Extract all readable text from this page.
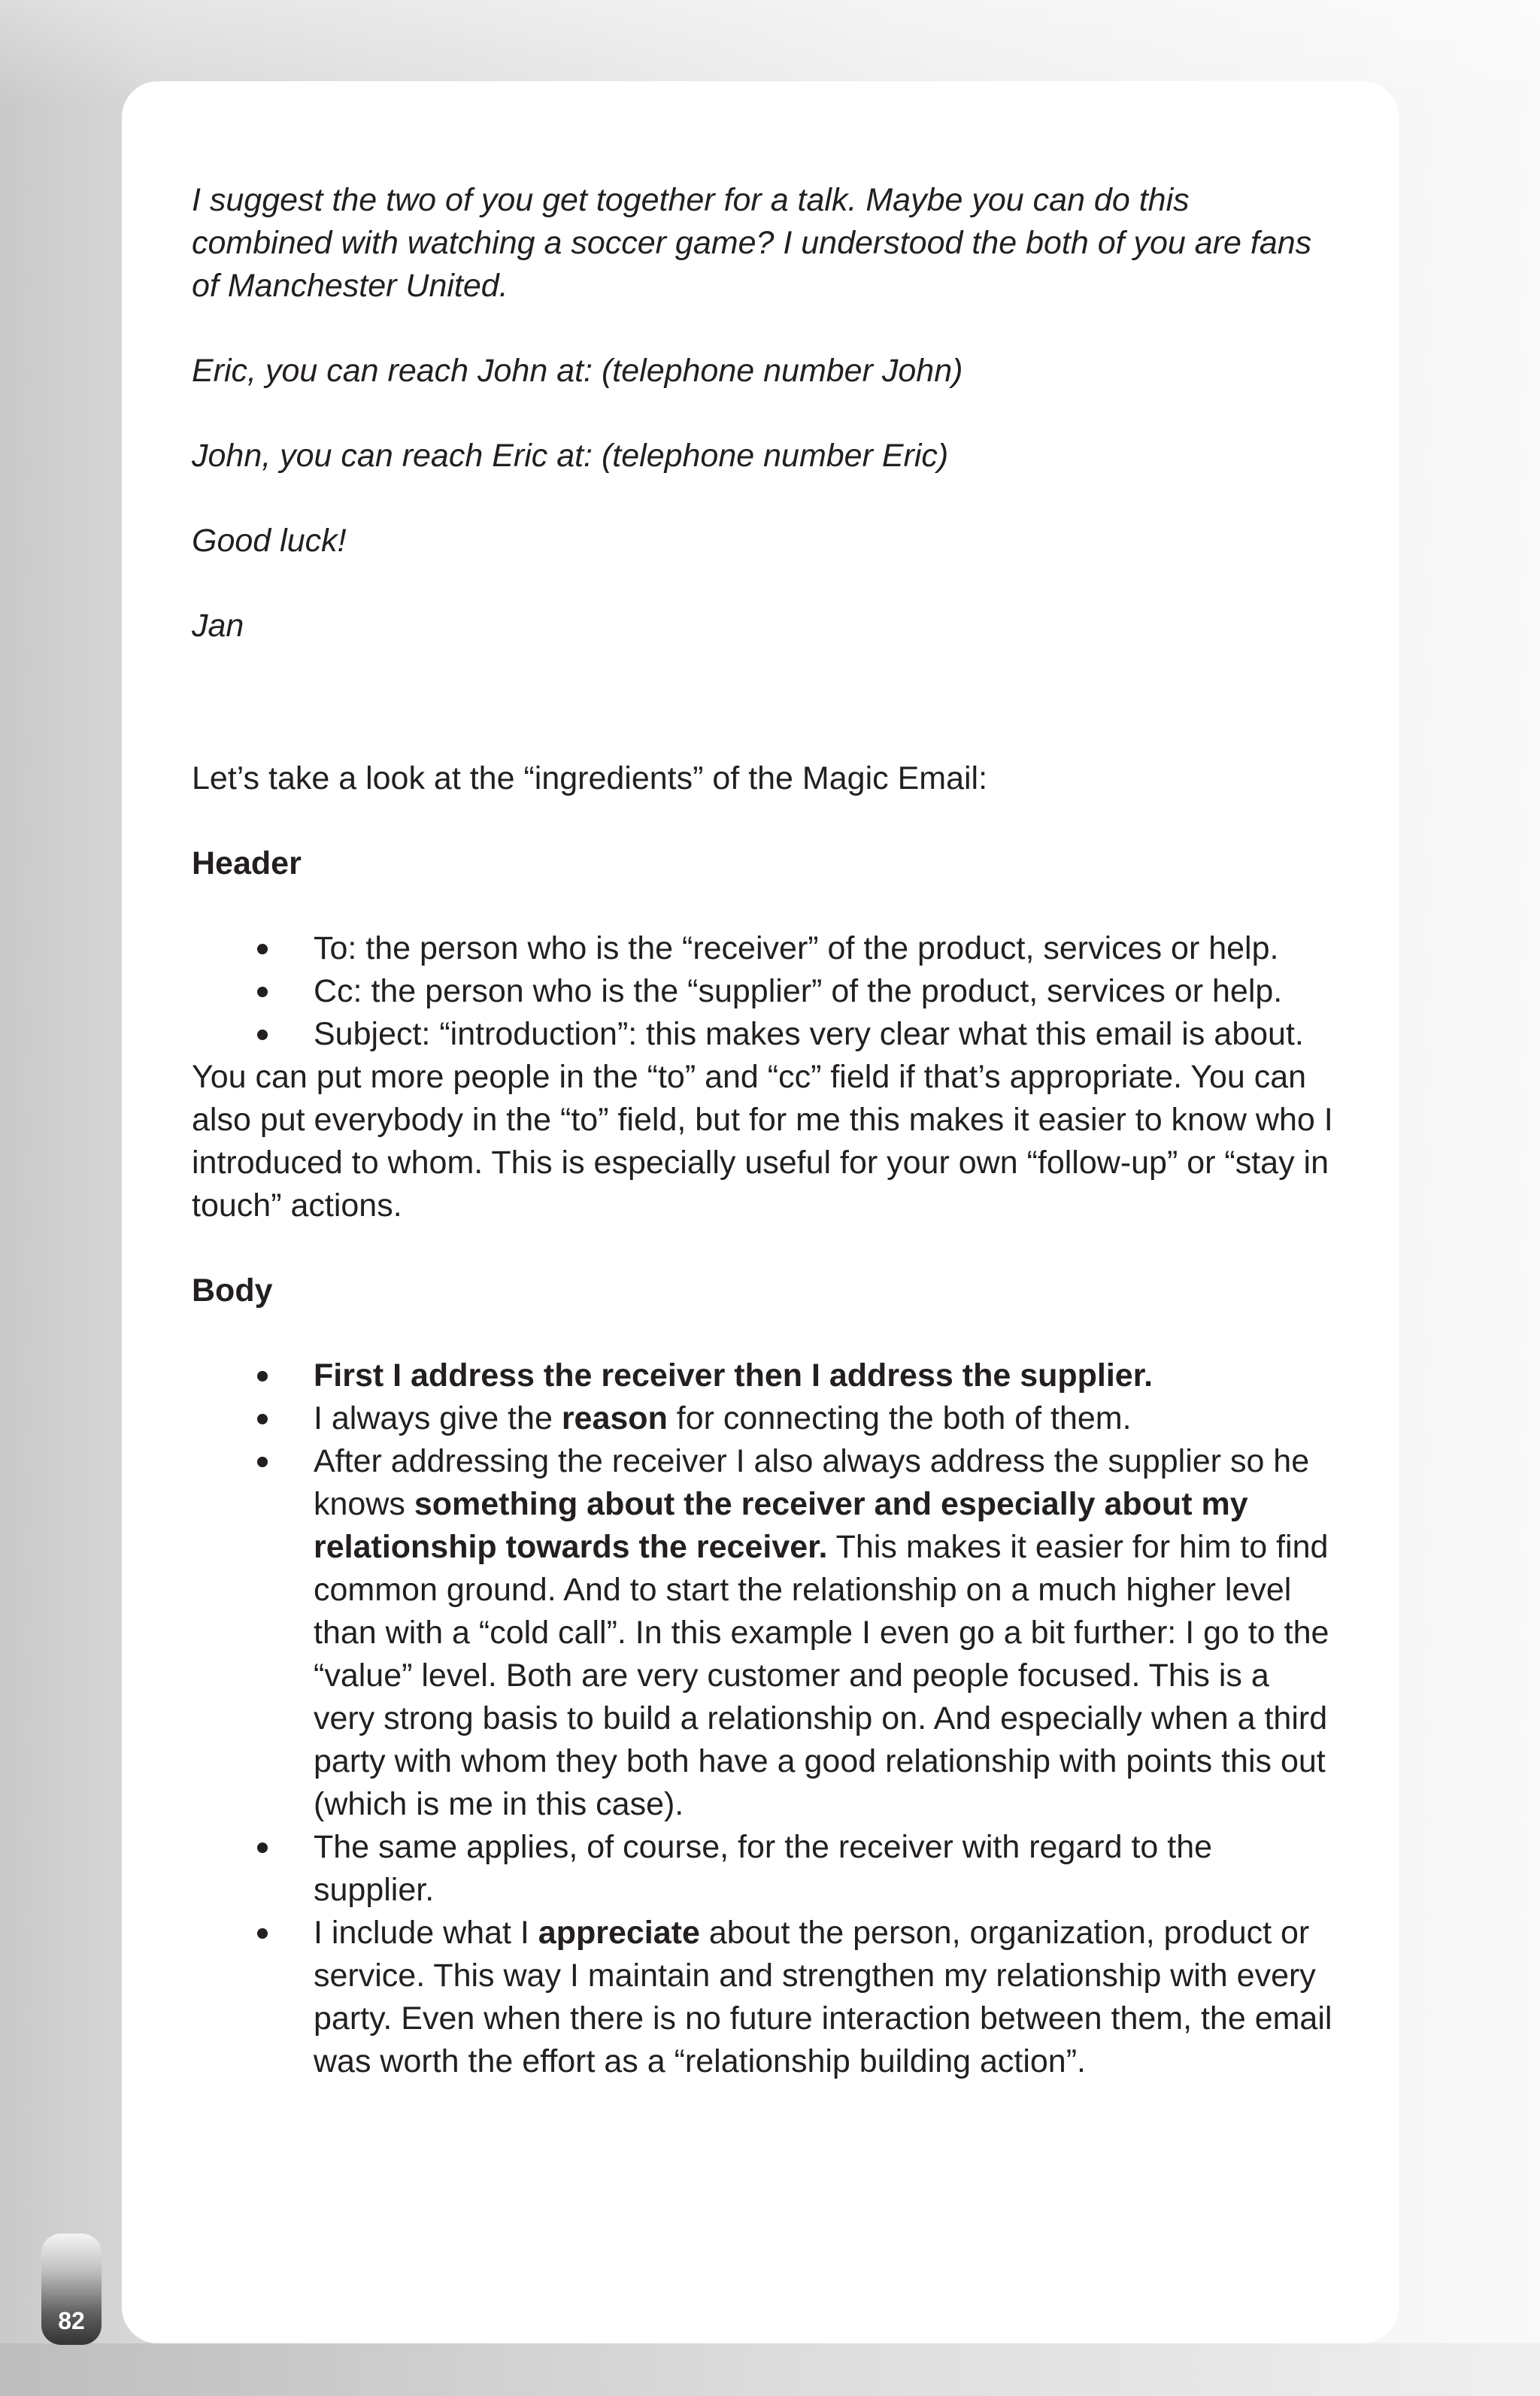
I suggest the two of you get together for a talk. Maybe you can do this combined with watching a soccer game? I understood the both of you are fans of Manchester United.

Eric, you can reach John at: (telephone number John)

John, you can reach Eric at: (telephone number Eric)

Good luck!

Jan

Let’s take a look at the “ingredients” of the Magic Email:

Header

To: the person who is the “receiver” of the product, services or help.
Cc: the person who is the “supplier” of the product, services or help.
Subject: “introduction”: this makes very clear what this email is about.

You can put more people in the “to” and “cc” field if that’s appropriate. You can also put everybody in the “to” field, but for me this makes it easier to know who I introduced to whom. This is especially useful for your own “follow-up” or “stay in touch” actions.

Body

First I address the receiver then I address the supplier.
I always give the reason for connecting the both of them.
After addressing the receiver I also always address the supplier so he knows something about the receiver and especially about my relationship towards the receiver. This makes it easier for him to find common ground. And to start the relationship on a much higher level than with a “cold call”. In this example I even go a bit further: I go to the “value” level. Both are very customer and people focused. This is a very strong basis to build a relationship on. And especially when a third party with whom they both have a good relationship with points this out (which is me in this case).
The same applies, of course, for the receiver with regard to the supplier.
I include what I appreciate about the person, organization, product or service. This way I maintain and strengthen my relationship with every party. Even when there is no future interaction between them, the email was worth the effort as a “relationship building action”.
82
